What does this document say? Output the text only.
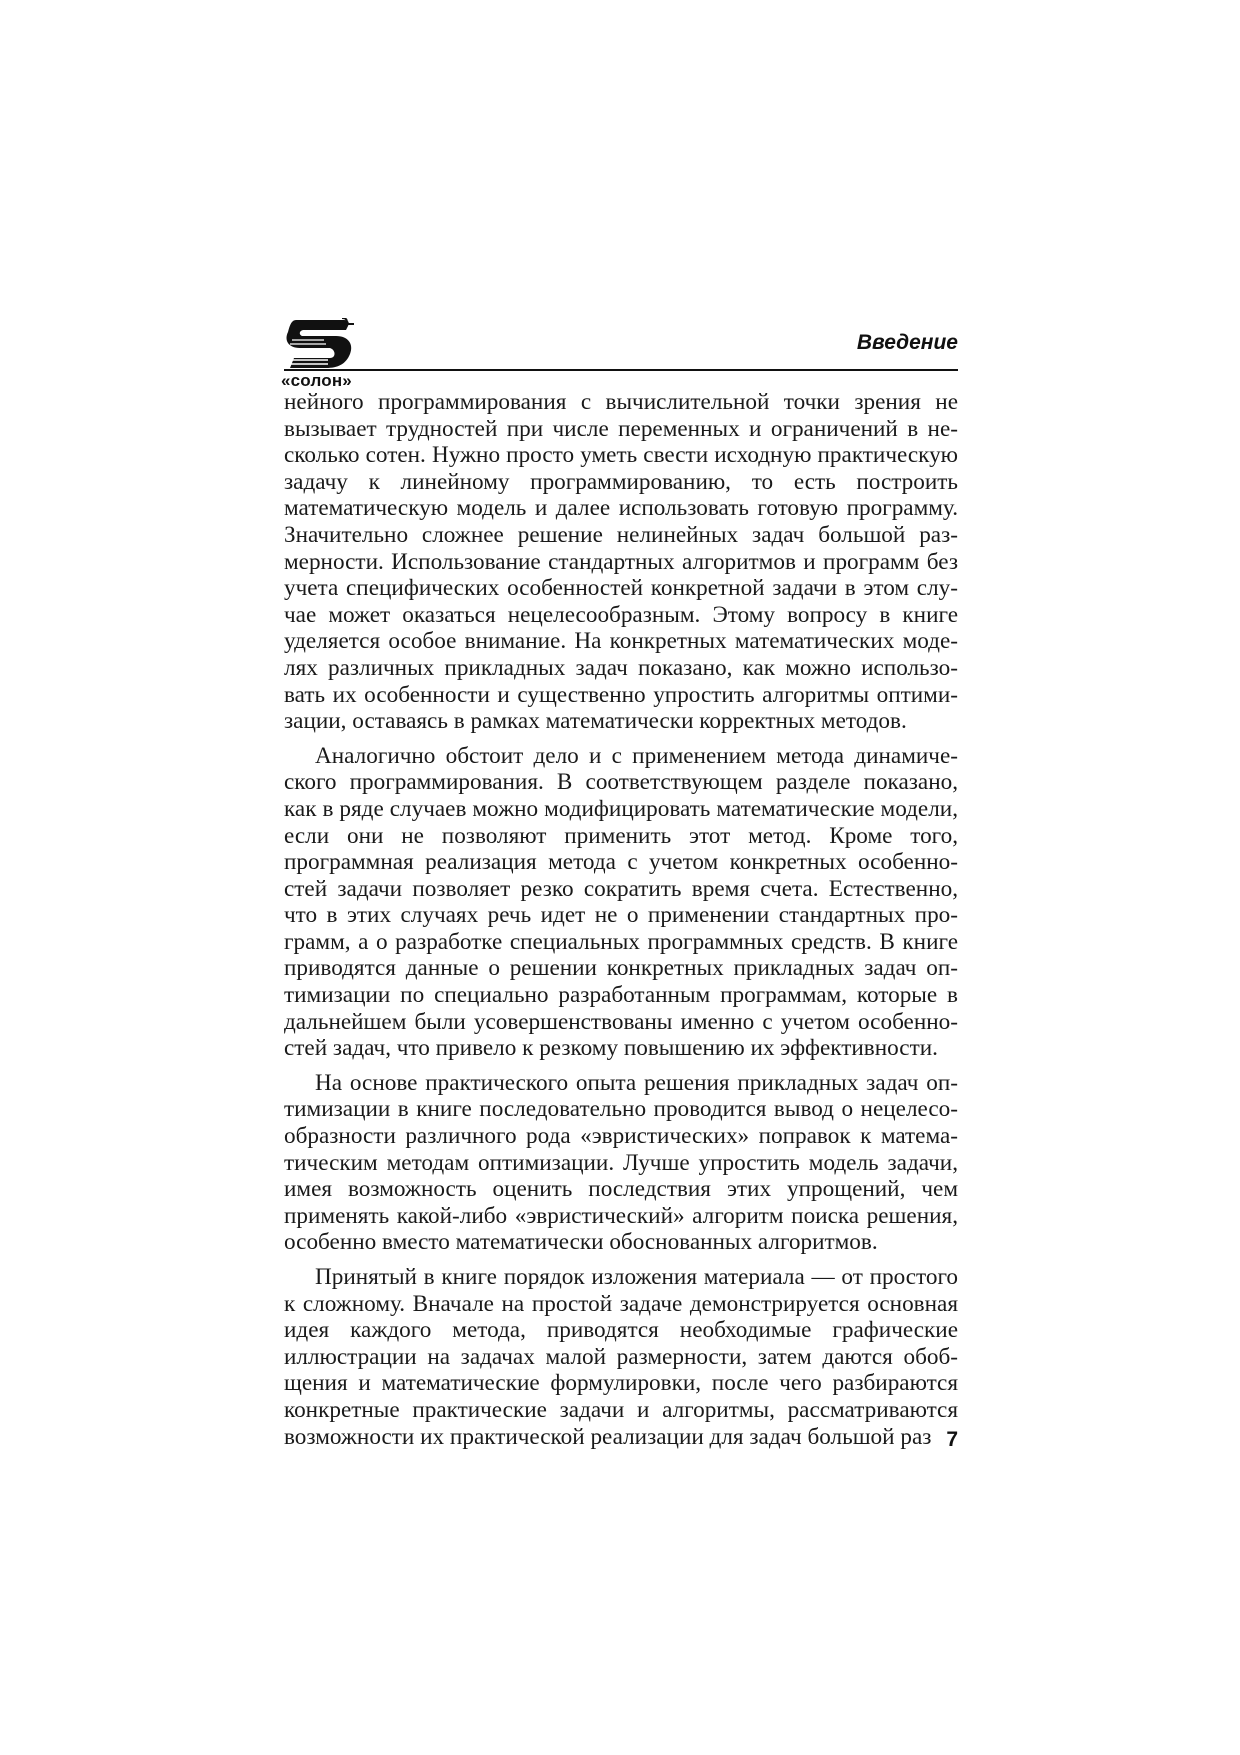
«солон»
Введение

нейного программирования с вычислительной точки зрения не вызывает трудностей при числе переменных и ограничений в несколько сотен. Нужно просто уметь свести исходную практическую задачу к линейному программированию, то есть построить математическую модель и далее использовать готовую программу. Значительно сложнее решение нелинейных задач большой размерности. Использование стандартных алгоритмов и программ без учета специфических особенностей конкретной задачи в этом случае может оказаться нецелесообразным. Этому вопросу в книге уделяется особое внимание. На конкретных математических моделях различных прикладных задач показано, как можно использовать их особенности и существенно упростить алгоритмы оптимизации, оставаясь в рамках математически корректных методов.

Аналогично обстоит дело и с применением метода динамического программирования. В соответствующем разделе показано, как в ряде случаев можно модифицировать математические модели, если они не позволяют применить этот метод. Кроме того, программная реализация метода с учетом конкретных особенностей задачи позволяет резко сократить время счета. Естественно, что в этих случаях речь идет не о применении стандартных программ, а о разработке специальных программных средств. В книге приводятся данные о решении конкретных прикладных задач оптимизации по специально разработанным программам, которые в дальнейшем были усовершенствованы именно с учетом особенностей задач, что привело к резкому повышению их эффективности.

На основе практического опыта решения прикладных задач оптимизации в книге последовательно проводится вывод о нецелесообразности различного рода «эвристических» поправок к математическим методам оптимизации. Лучше упростить модель задачи, имея возможность оценить последствия этих упрощений, чем применять какой-либо «эвристический» алгоритм поиска решения, особенно вместо математически обоснованных алгоритмов.

Принятый в книге порядок изложения материала — от простого к сложному. Вначале на простой задаче демонстрируется основная идея каждого метода, приводятся необходимые графические иллюстрации на задачах малой размерности, затем даются обобщения и математические формулировки, после чего разбираются конкретные практические задачи и алгоритмы, рассматриваются возможности их практической реализации для задач большой раз 7
